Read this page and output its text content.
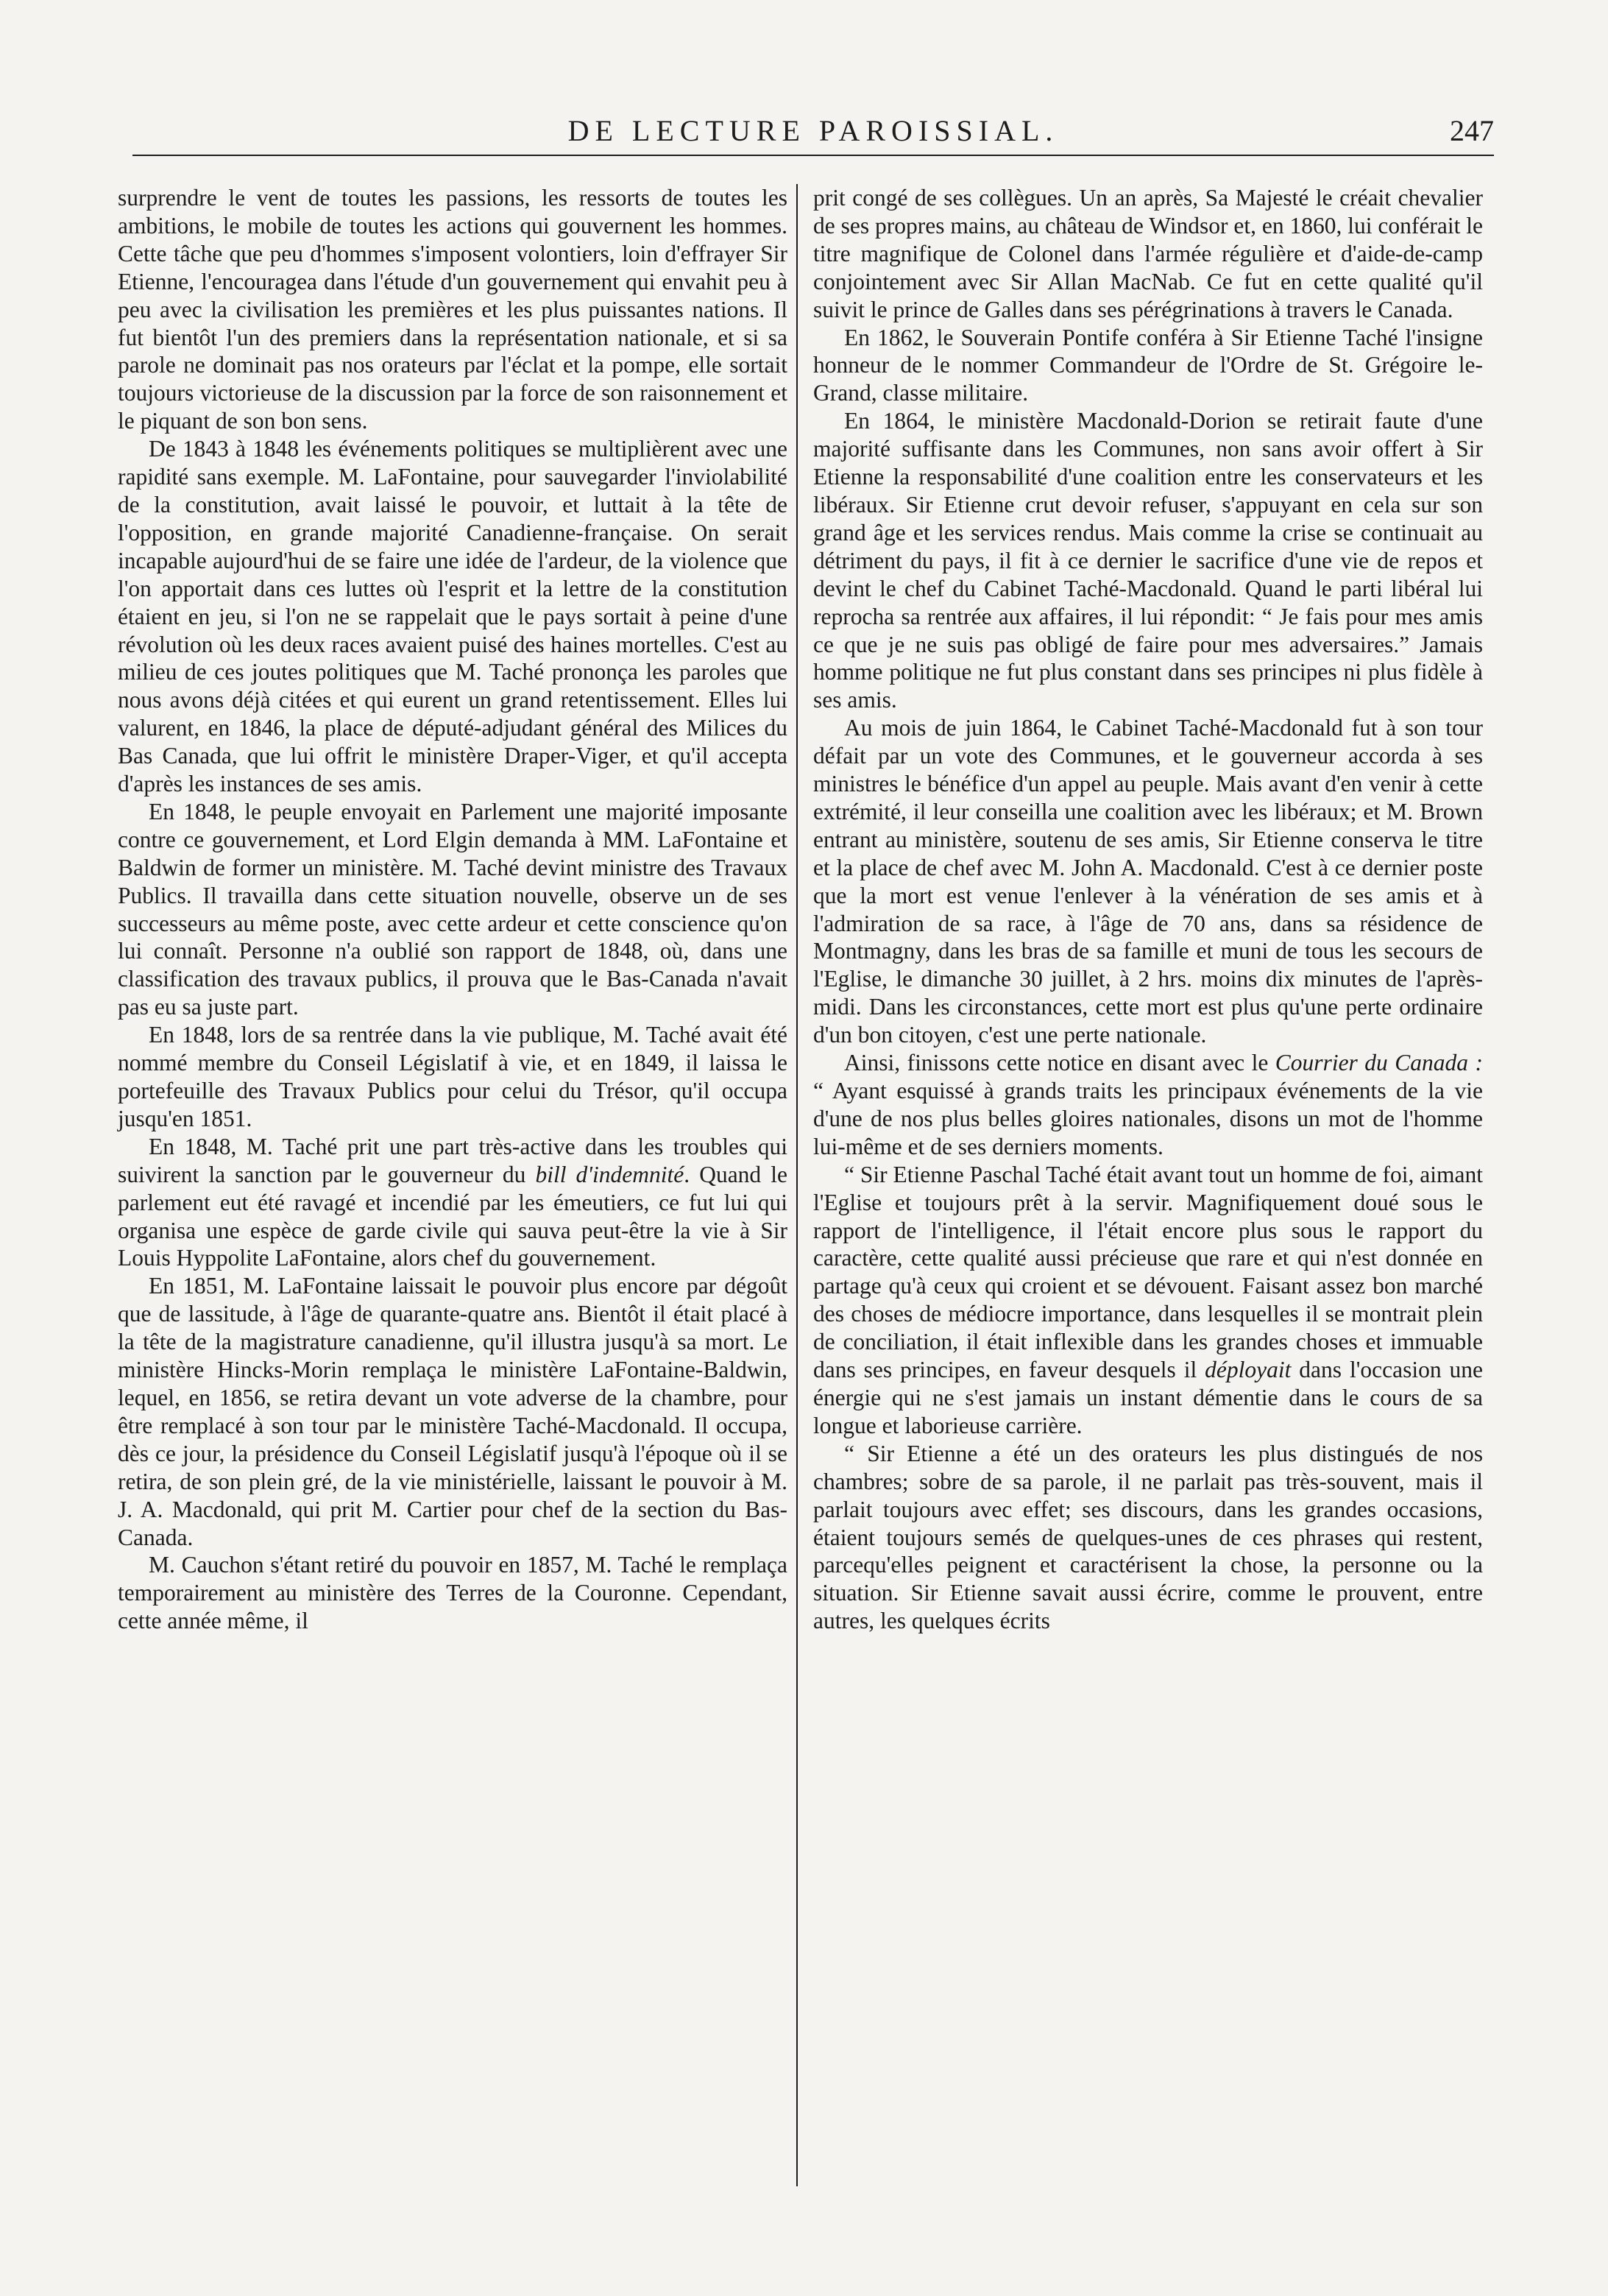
DE LECTURE PAROISSIAL.	247

surprendre le vent de toutes les passions, les ressorts de toutes les ambitions, le mobile de toutes les actions qui gouvernent les hommes. Cette tâche que peu d'hommes s'imposent volontiers, loin d'effrayer Sir Etienne, l'encouragea dans l'étude d'un gouvernement qui envahit peu à peu avec la civilisation les premières et les plus puissantes nations. Il fut bientôt l'un des premiers dans la représentation nationale, et si sa parole ne dominait pas nos orateurs par l'éclat et la pompe, elle sortait toujours victorieuse de la discussion par la force de son raisonnement et le piquant de son bon sens.

De 1843 à 1848 les événements politiques se multiplièrent avec une rapidité sans exemple. M. LaFontaine, pour sauvegarder l'inviolabilité de la constitution, avait laissé le pouvoir, et luttait à la tête de l'opposition, en grande majorité Canadienne-française. On serait incapable aujourd'hui de se faire une idée de l'ardeur, de la violence que l'on apportait dans ces luttes où l'esprit et la lettre de la constitution étaient en jeu, si l'on ne se rappelait que le pays sortait à peine d'une révolution où les deux races avaient puisé des haines mortelles. C'est au milieu de ces joutes politiques que M. Taché prononça les paroles que nous avons déjà citées et qui eurent un grand retentissement. Elles lui valurent, en 1846, la place de député-adjudant général des Milices du Bas Canada, que lui offrit le ministère Draper-Viger, et qu'il accepta d'après les instances de ses amis.

En 1848, le peuple envoyait en Parlement une majorité imposante contre ce gouvernement, et Lord Elgin demanda à MM. LaFontaine et Baldwin de former un ministère. M. Taché devint ministre des Travaux Publics. Il travailla dans cette situation nouvelle, observe un de ses successeurs au même poste, avec cette ardeur et cette conscience qu'on lui connaît. Personne n'a oublié son rapport de 1848, où, dans une classification des travaux publics, il prouva que le Bas-Canada n'avait pas eu sa juste part.

En 1848, lors de sa rentrée dans la vie publique, M. Taché avait été nommé membre du Conseil Législatif à vie, et en 1849, il laissa le portefeuille des Travaux Publics pour celui du Trésor, qu'il occupa jusqu'en 1851.

En 1848, M. Taché prit une part très-active dans les troubles qui suivirent la sanction par le gouverneur du bill d'indemnité. Quand le parlement eut été ravagé et incendié par les émeutiers, ce fut lui qui organisa une espèce de garde civile qui sauva peut-être la vie à Sir Louis Hyppolite LaFontaine, alors chef du gouvernement.

En 1851, M. LaFontaine laissait le pouvoir plus encore par dégoût que de lassitude, à l'âge de quarante-quatre ans. Bientôt il était placé à la tête de la magistrature canadienne, qu'il illustra jusqu'à sa mort. Le ministère Hincks-Morin remplaça le ministère LaFontaine-Baldwin, lequel, en 1856, se retira devant un vote adverse de la chambre, pour être remplacé à son tour par le ministère Taché-Macdonald. Il occupa, dès ce jour, la présidence du Conseil Législatif jusqu'à l'époque où il se retira, de son plein gré, de la vie ministérielle, laissant le pouvoir à M. J. A. Macdonald, qui prit M. Cartier pour chef de la section du Bas-Canada.

M. Cauchon s'étant retiré du pouvoir en 1857, M. Taché le remplaça temporairement au ministère des Terres de la Couronne. Cependant, cette année même, il

prit congé de ses collègues. Un an après, Sa Majesté le créait chevalier de ses propres mains, au château de Windsor et, en 1860, lui conférait le titre magnifique de Colonel dans l'armée régulière et d'aide-de-camp conjointement avec Sir Allan MacNab. Ce fut en cette qualité qu'il suivit le prince de Galles dans ses pérégrinations à travers le Canada.

En 1862, le Souverain Pontife conféra à Sir Etienne Taché l'insigne honneur de le nommer Commandeur de l'Ordre de St. Grégoire le-Grand, classe militaire.

En 1864, le ministère Macdonald-Dorion se retirait faute d'une majorité suffisante dans les Communes, non sans avoir offert à Sir Etienne la responsabilité d'une coalition entre les conservateurs et les libéraux. Sir Etienne crut devoir refuser, s'appuyant en cela sur son grand âge et les services rendus. Mais comme la crise se continuait au détriment du pays, il fit à ce dernier le sacrifice d'une vie de repos et devint le chef du Cabinet Taché-Macdonald. Quand le parti libéral lui reprocha sa rentrée aux affaires, il lui répondit: “ Je fais pour mes amis ce que je ne suis pas obligé de faire pour mes adversaires.” Jamais homme politique ne fut plus constant dans ses principes ni plus fidèle à ses amis.

Au mois de juin 1864, le Cabinet Taché-Macdonald fut à son tour défait par un vote des Communes, et le gouverneur accorda à ses ministres le bénéfice d'un appel au peuple. Mais avant d'en venir à cette extrémité, il leur conseilla une coalition avec les libéraux; et M. Brown entrant au ministère, soutenu de ses amis, Sir Etienne conserva le titre et la place de chef avec M. John A. Macdonald. C'est à ce dernier poste que la mort est venue l'enlever à la vénération de ses amis et à l'admiration de sa race, à l'âge de 70 ans, dans sa résidence de Montmagny, dans les bras de sa famille et muni de tous les secours de l'Eglise, le dimanche 30 juillet, à 2 hrs. moins dix minutes de l'après-midi. Dans les circonstances, cette mort est plus qu'une perte ordinaire d'un bon citoyen, c'est une perte nationale.

Ainsi, finissons cette notice en disant avec le Courrier du Canada : “ Ayant esquissé à grands traits les principaux événements de la vie d'une de nos plus belles gloires nationales, disons un mot de l'homme lui-même et de ses derniers moments.

“ Sir Etienne Paschal Taché était avant tout un homme de foi, aimant l'Eglise et toujours prêt à la servir. Magnifiquement doué sous le rapport de l'intelligence, il l'était encore plus sous le rapport du caractère, cette qualité aussi précieuse que rare et qui n'est donnée en partage qu'à ceux qui croient et se dévouent. Faisant assez bon marché des choses de médiocre importance, dans lesquelles il se montrait plein de conciliation, il était inflexible dans les grandes choses et immuable dans ses principes, en faveur desquels il déployait dans l'occasion une énergie qui ne s'est jamais un instant démentie dans le cours de sa longue et laborieuse carrière.

“ Sir Etienne a été un des orateurs les plus distingués de nos chambres; sobre de sa parole, il ne parlait pas très-souvent, mais il parlait toujours avec effet; ses discours, dans les grandes occasions, étaient toujours semés de quelques-unes de ces phrases qui restent, parcequ'elles peignent et caractérisent la chose, la personne ou la situation. Sir Etienne savait aussi écrire, comme le prouvent, entre autres, les quelques écrits
